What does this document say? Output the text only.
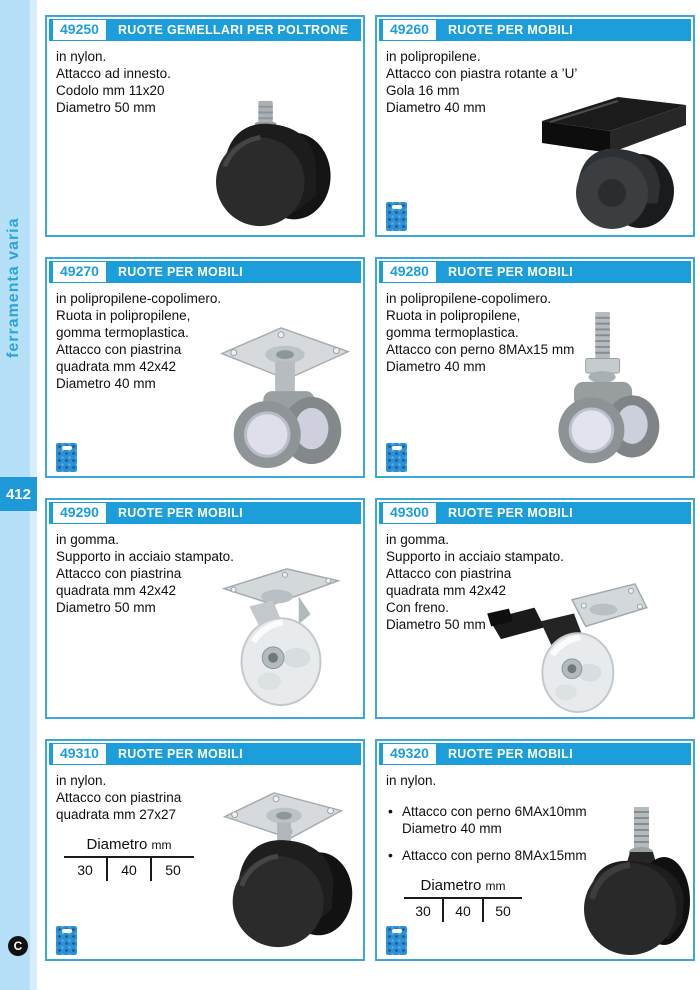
ferramenta varia
412
C
49250	RUOTE GEMELLARI PER POLTRONE
in nylon.
Attacco ad innesto.
Codolo mm 11x20
Diametro 50 mm
49260	RUOTE PER MOBILI
in polipropilene.
Attacco con piastra rotante a ’U’
Gola 16 mm
Diametro 40 mm
49270	RUOTE PER MOBILI
in polipropilene-copolimero.
Ruota in polipropilene,
gomma termoplastica.
Attacco con piastrina
quadrata mm 42x42
Diametro 40 mm
49280	RUOTE PER MOBILI
in polipropilene-copolimero.
Ruota in polipropilene,
gomma termoplastica.
Attacco con perno 8MAx15 mm
Diametro 40 mm
49290	RUOTE PER MOBILI
in gomma.
Supporto in acciaio stampato.
Attacco con piastrina
quadrata mm 42x42
Diametro 50 mm
49300	RUOTE PER MOBILI
in gomma.
Supporto in acciaio stampato.
Attacco con piastrina
quadrata mm 42x42
Con freno.
Diametro 50 mm
49310	RUOTE PER MOBILI
in nylon.
Attacco con piastrina
quadrata mm 27x27
Diametro mm
30	40	50
49320	RUOTE PER MOBILI
in nylon.
•
Attacco con perno 6MAx10mm
Diametro 40 mm
•
Attacco con perno 8MAx15mm
Diametro mm
30	40	50
